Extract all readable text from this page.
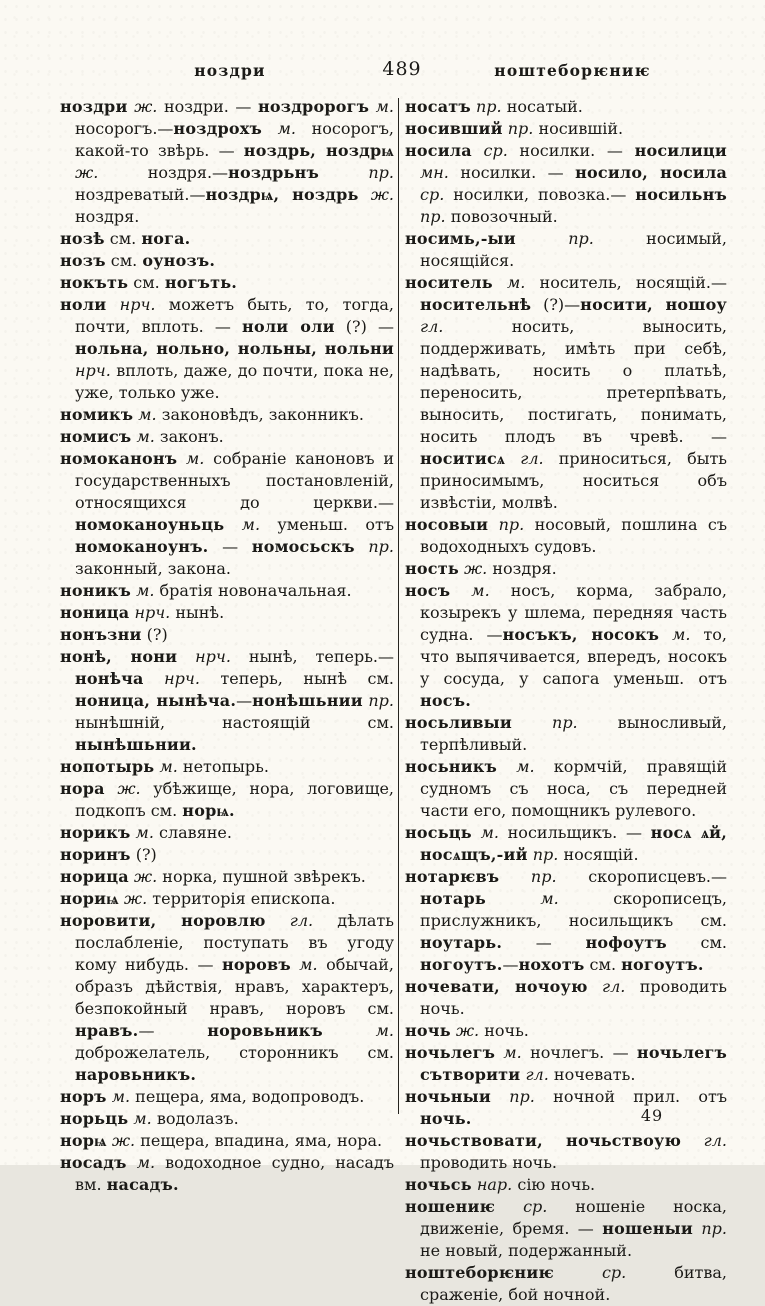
ноздри	489	ноштеборѥниѥ

ноздри ж. ноздри. — ноздророгъ м. носорогъ.—ноздрохъ м. носорогъ, какой-то звѣрь. — ноздрь, ноздрѩ ж. ноздря.—ноздрьнъ пр. ноздреватый.—ноздрѩ, ноздрь ж. ноздря.

нозѣ см. нога.

нозъ см. оунозъ.

нокъть см. ногъть.

ноли нрч. можетъ быть, то, тогда, почти, вплоть. — ноли оли (?) — нольна, нольно, нольны, нольни нрч. вплоть, даже, до почти, пока не, уже, только уже.

номикъ м. законовѣдъ, законникъ.

номисъ м. законъ.

номоканонъ м. собраніе каноновъ и государственныхъ постановленій, относящихся до церкви.—номоканоуньць м. уменьш. отъ номоканоунъ. — номосьскъ пр. законный, закона.

ноникъ м. братія новоначальная.

ноница нрч. нынѣ.

нонъзни (?)

нонѣ, нони нрч. нынѣ, теперь.—нонѣча нрч. теперь, нынѣ см. ноница, нынѣча.—нонѣшьнии пр. нынѣшній, настоящій см. нынѣшьнии.

нопотырь м. нетопырь.

нора ж. убѣжище, нора, логовище, подкопъ см. норѩ.

норикъ м. славяне.

норинъ (?)

норица ж. норка, пушной звѣрекъ.

нориѩ ж. территорія епископа.

норовити, норовлю гл. дѣлать послабленіе, поступать въ угоду кому нибудь. — норовъ м. обычай, образъ дѣйствія, нравъ, характеръ, безпокойный нравъ, норовъ см. нравъ.— норовьникъ м. доброжелатель, сторонникъ см. наровьникъ.

норъ м. пещера, яма, водопроводъ.

норьць м. водолазъ.

норѩ ж. пещера, впадина, яма, нора.

носадъ м. водоходное судно, насадъ вм. насадъ.

носатъ пр. носатый.

носивший пр. носившій.

носила ср. носилки. — носилици мн. носилки. — носило, носила ср. носилки, повозка.— носильнъ пр. повозочный.

носимь,-ыи пр. носимый, носящійся.

носитель м. носитель, носящій.—носительнѣ (?)—носити, ношоу гл. носить, выносить, поддерживать, имѣть при себѣ, надѣвать, носить о платьѣ, переносить, претерпѣвать, выносить, постигать, понимать, носить плодъ въ чревѣ. — носитисѧ гл. приноситься, быть приносимымъ, носиться объ извѣстіи, молвѣ.

носовыи пр. носовый, пошлина съ водоходныхъ судовъ.

ность ж. ноздря.

носъ м. носъ, корма, забрало, козырекъ у шлема, передняя часть судна. —носъкъ, носокъ м. то, что выпячивается, впередъ, носокъ у сосуда, у сапога уменьш. отъ носъ.

носьливыи пр. выносливый, терпѣливый.

носьникъ м. кормчій, правящій судномъ съ носа, съ передней части его, помощникъ рулевого.

носьць м. носильщикъ. — носѧ ѧй, носѧщъ,-ий пр. носящій.

нотарѥвъ пр. скорописцевъ.—нотарь м. скорописецъ, прислужникъ, носильщикъ см. ноутарь. — нофоутъ см. ногоутъ.—нохотъ см. ногоутъ.

ночевати, ночоую гл. проводить ночь.

ночь ж. ночь.

ночьлегъ м. ночлегъ. — ночьлегъ сътворити гл. ночевать.

ночьныи пр. ночной прил. отъ ночь.

ночьствовати, ночьствоую гл. проводить ночь.

ночьсь нар. сію ночь.

ношениѥ ср. ношеніе носка, движеніе, бремя. — ношеныи пр. не новый, подержанный.

ноштеборѥниѥ ср. битва, сраженіе, бой ночной.

49
